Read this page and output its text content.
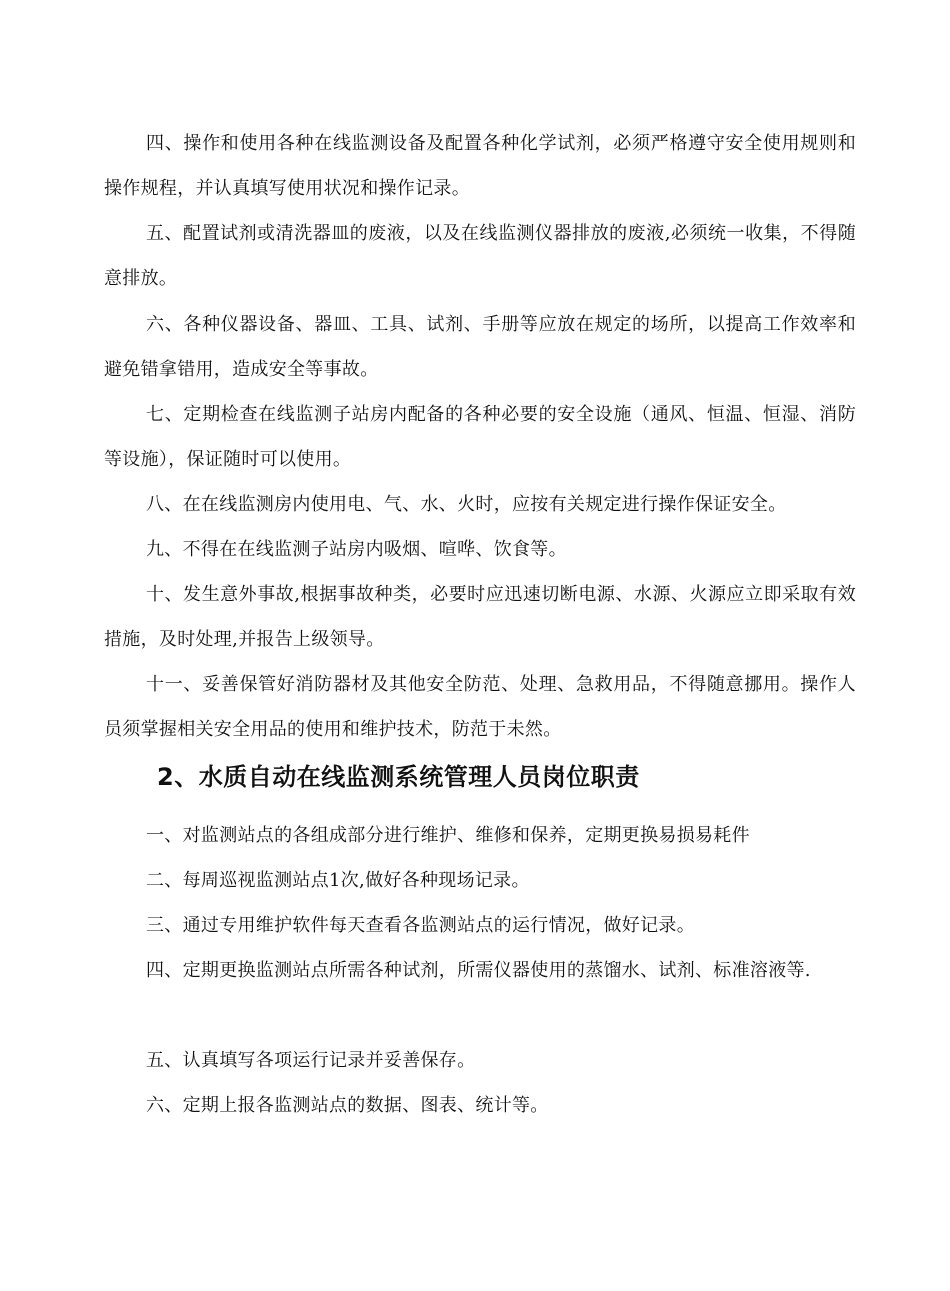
四、操作和使用各种在线监测设备及配置各种化学试剂，必须严格遵守安全使用规则和操作规程，并认真填写使用状况和操作记录。

五、配置试剂或清洗器皿的废液，以及在线监测仪器排放的废液,必须统一收集，不得随意排放。

六、各种仪器设备、器皿、工具、试剂、手册等应放在规定的场所，以提高工作效率和避免错拿错用，造成安全等事故。

七、定期检查在线监测子站房内配备的各种必要的安全设施（通风、恒温、恒湿、消防等设施），保证随时可以使用。

八、在在线监测房内使用电、气、水、火时，应按有关规定进行操作保证安全。

九、不得在在线监测子站房内吸烟、喧哗、饮食等。

十、发生意外事故,根据事故种类，必要时应迅速切断电源、水源、火源应立即采取有效措施，及时处理,并报告上级领导。

十一、妥善保管好消防器材及其他安全防范、处理、急救用品，不得随意挪用。操作人员须掌握相关安全用品的使用和维护技术，防范于未然。

2、水质自动在线监测系统管理人员岗位职责

一、对监测站点的各组成部分进行维护、维修和保养，定期更换易损易耗件

二、每周巡视监测站点1次,做好各种现场记录。

三、通过专用维护软件每天查看各监测站点的运行情况，做好记录。

四、定期更换监测站点所需各种试剂，所需仪器使用的蒸馏水、试剂、标准溶液等.

五、认真填写各项运行记录并妥善保存。

六、定期上报各监测站点的数据、图表、统计等。
